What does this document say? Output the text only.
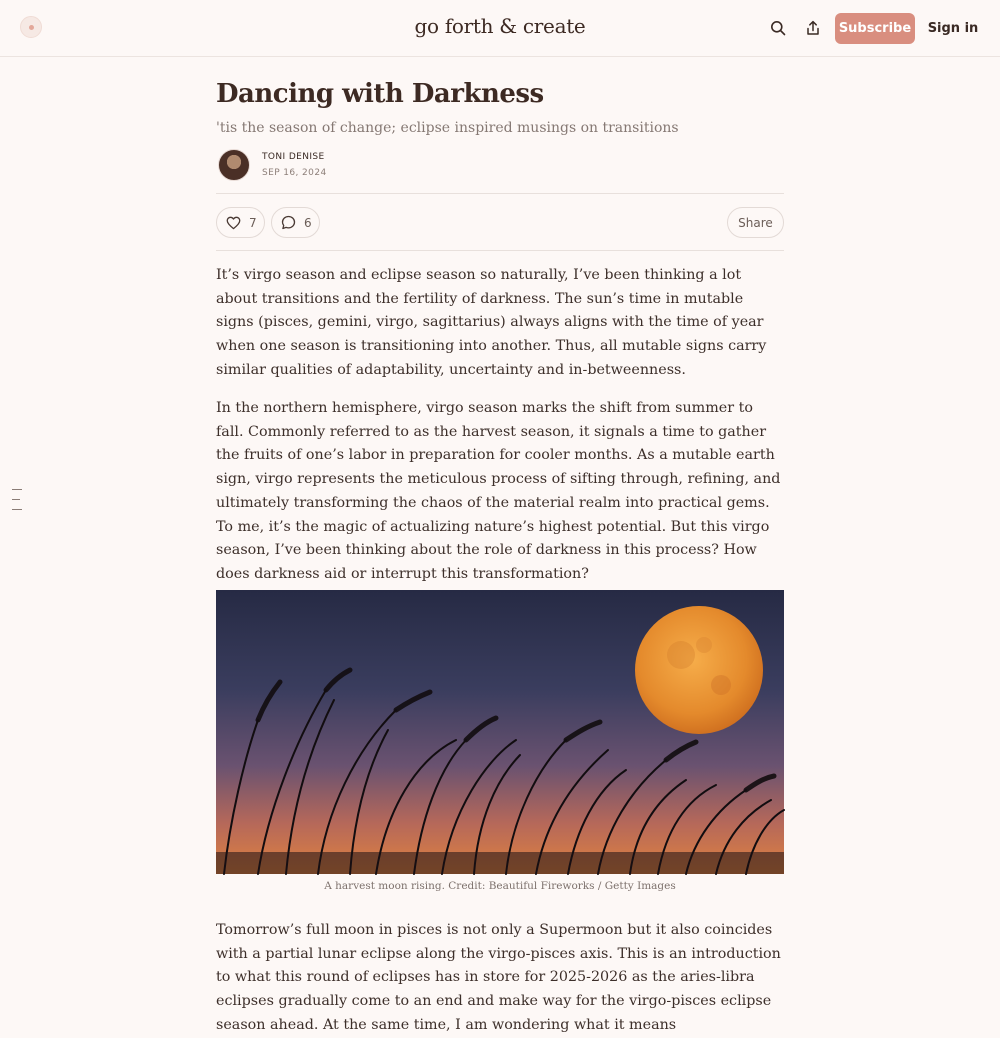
go forth & create	Subscribe Sign in
Dancing with Darkness
'tis the season of change; eclipse inspired musings on transitions
TONI DENISE
SEP 16, 2024
7	6	Share

It’s virgo season and eclipse season so naturally, I’ve been thinking a lot about transitions and the fertility of darkness. The sun’s time in mutable signs (pisces, gemini, virgo, sagittarius) always aligns with the time of year when one season is transitioning into another. Thus, all mutable signs carry similar qualities of adaptability, uncertainty and in-betweenness.

In the northern hemisphere, virgo season marks the shift from summer to fall. Commonly referred to as the harvest season, it signals a time to gather the fruits of one’s labor in preparation for cooler months. As a mutable earth sign, virgo represents the meticulous process of sifting through, refining, and ultimately transforming the chaos of the material realm into practical gems. To me, it’s the magic of actualizing nature’s highest potential. But this virgo season, I’ve been thinking about the role of darkness in this process? How does darkness aid or interrupt this transformation?

A harvest moon rising. Credit: Beautiful Fireworks / Getty Images

Tomorrow’s full moon in pisces is not only a Supermoon but it also coincides with a partial lunar eclipse along the virgo-pisces axis. This is an introduction to what this round of eclipses has in store for 2025-2026 as the aries-libra eclipses gradually come to an end and make way for the virgo-pisces eclipse season ahead. At the same time, I am wondering what it means
